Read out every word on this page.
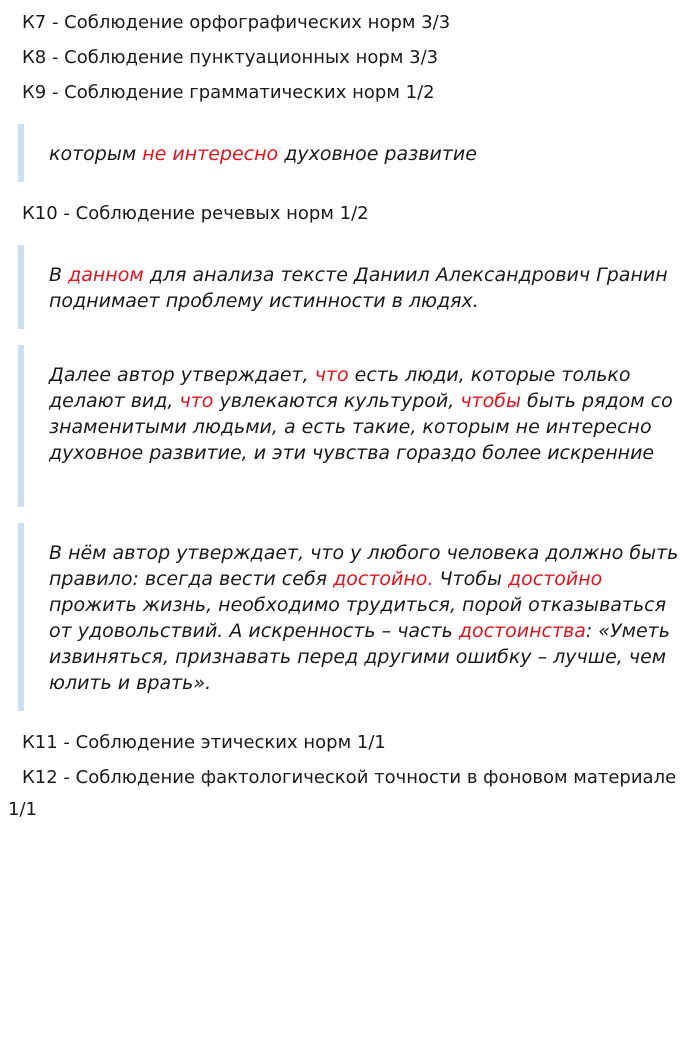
К7 - Соблюдение орфографических норм 3/3
К8 - Соблюдение пунктуационных норм 3/3
К9 - Соблюдение грамматических норм 1/2

которым не интересно духовное развитие

К10 - Соблюдение речевых норм 1/2

В данном для анализа тексте Даниил Александрович Гранин поднимает проблему истинности в людях.

Далее автор утверждает, что есть люди, которые только делают вид, что увлекаются культурой, чтобы быть рядом со знаменитыми людьми, а есть такие, которым не интересно духовное развитие, и эти чувства гораздо более искренние

В нём автор утверждает, что у любого человека должно быть правило: всегда вести себя достойно. Чтобы достойно прожить жизнь, необходимо трудиться, порой отказываться от удовольствий. А искренность – часть достоинства: «Уметь извиняться, признавать перед другими ошибку – лучше, чем юлить и врать».

К11 - Соблюдение этических норм 1/1
К12 - Соблюдение фактологической точности в фоновом материале
1/1
